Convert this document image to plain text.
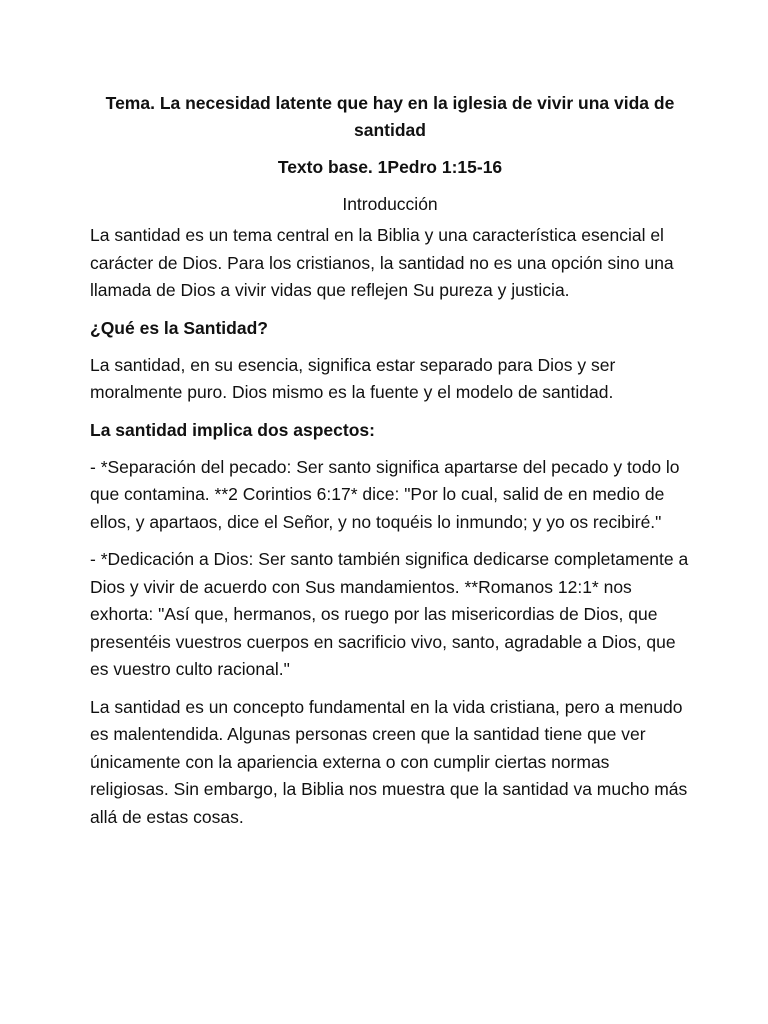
Tema. La necesidad latente que hay en la iglesia de vivir una vida de santidad

Texto base. 1Pedro 1:15-16

Introducción

La santidad es un tema central en la Biblia y una característica esencial el carácter de Dios. Para los cristianos, la santidad no es una opción sino una llamada de Dios a vivir vidas que reflejen Su pureza y justicia.

¿Qué es la Santidad?

La santidad, en su esencia, significa estar separado para Dios y ser moralmente puro. Dios mismo es la fuente y el modelo de santidad.

La santidad implica dos aspectos:

- *Separación del pecado: Ser santo significa apartarse del pecado y todo lo que contamina. **2 Corintios 6:17* dice: "Por lo cual, salid de en medio de ellos, y apartaos, dice el Señor, y no toquéis lo inmundo; y yo os recibiré."

- *Dedicación a Dios: Ser santo también significa dedicarse completamente a Dios y vivir de acuerdo con Sus mandamientos. **Romanos 12:1* nos exhorta: "Así que, hermanos, os ruego por las misericordias de Dios, que presentéis vuestros cuerpos en sacrificio vivo, santo, agradable a Dios, que es vuestro culto racional."

La santidad es un concepto fundamental en la vida cristiana, pero a menudo es malentendida. Algunas personas creen que la santidad tiene que ver únicamente con la apariencia externa o con cumplir ciertas normas religiosas. Sin embargo, la Biblia nos muestra que la santidad va mucho más allá de estas cosas.
